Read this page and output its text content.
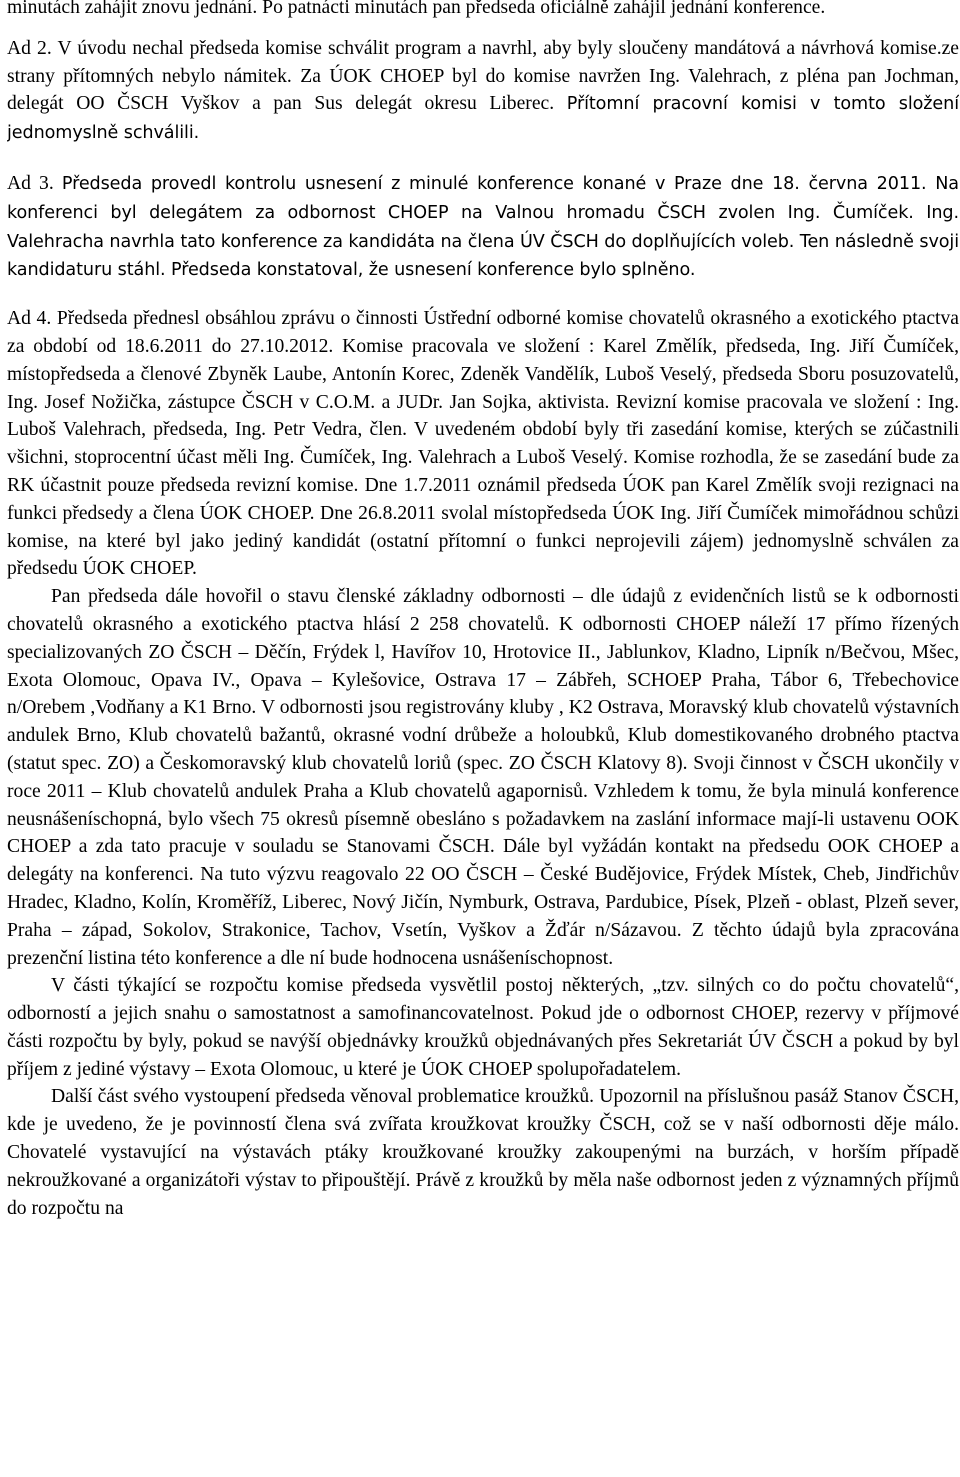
minutách zahájit znovu jednání. Po patnácti minutách pan předseda oficiálně zahájil jednání konference.

Ad 2. V úvodu nechal předseda komise schválit program a navrhl, aby byly sloučeny mandátová a návrhová komise.ze strany přítomných nebylo námitek. Za ÚOK CHOEP byl do komise navržen Ing. Valehrach, z pléna pan Jochman, delegát OO ČSCH Vyškov a pan Sus delegát okresu Liberec. Přítomní pracovní komisi v tomto složení jednomyslně schválili.

Ad 3. Předseda provedl kontrolu usnesení z minulé konference konané v Praze dne 18. června 2011. Na konferenci byl delegátem za odbornost CHOEP na Valnou hromadu ČSCH zvolen Ing. Čumíček. Ing. Valehracha navrhla tato konference za kandidáta na člena ÚV ČSCH do doplňujících voleb. Ten následně svoji kandidaturu stáhl. Předseda konstatoval, že usnesení konference bylo splněno.

Ad 4. Předseda přednesl obsáhlou zprávu o činnosti Ústřední odborné komise chovatelů okrasného a exotického ptactva za období od 18.6.2011 do 27.10.2012. Komise pracovala ve složení : Karel Změlík, předseda, Ing. Jiří Čumíček, místopředseda a členové Zbyněk Laube, Antonín Korec, Zdeněk Vandělík, Luboš Veselý, předseda Sboru posuzovatelů, Ing. Josef Nožička, zástupce ČSCH v C.O.M. a JUDr. Jan Sojka, aktivista. Revizní komise pracovala ve složení : Ing. Luboš Valehrach, předseda, Ing. Petr Vedra, člen. V uvedeném období byly tři zasedání komise, kterých se zúčastnili všichni, stoprocentní účast měli Ing. Čumíček, Ing. Valehrach a Luboš Veselý. Komise rozhodla, že se zasedání bude za RK účastnit pouze předseda revizní komise. Dne 1.7.2011 oznámil předseda ÚOK pan Karel Změlík svoji rezignaci na funkci předsedy a člena ÚOK CHOEP. Dne 26.8.2011 svolal místopředseda ÚOK Ing. Jiří Čumíček mimořádnou schůzi komise, na které byl jako jediný kandidát (ostatní přítomní o funkci neprojevili zájem) jednomyslně schválen za předsedu ÚOK CHOEP.

Pan předseda dále hovořil o stavu členské základny odbornosti – dle údajů z evidenčních listů se k odbornosti chovatelů okrasného a exotického ptactva hlásí 2 258 chovatelů. K odbornosti CHOEP náleží 17 přímo řízených specializovaných ZO ČSCH – Děčín, Frýdek l, Havířov 10, Hrotovice II., Jablunkov, Kladno, Lipník n/Bečvou, Mšec, Exota Olomouc, Opava IV., Opava – Kylešovice, Ostrava 17 – Zábřeh, SCHOEP Praha, Tábor 6, Třebechovice n/Orebem ,Vodňany a K1 Brno. V odbornosti jsou registrovány kluby , K2 Ostrava, Moravský klub chovatelů výstavních andulek Brno, Klub chovatelů bažantů, okrasné vodní drůbeže a holoubků, Klub domestikovaného drobného ptactva (statut spec. ZO) a Českomoravský klub chovatelů loriů (spec. ZO ČSCH Klatovy 8). Svoji činnost v ČSCH ukončily v roce 2011 – Klub chovatelů andulek Praha a Klub chovatelů agapornisů. Vzhledem k tomu, že byla minulá konference neusnášeníschopná, bylo všech 75 okresů písemně obesláno s požadavkem na zaslání informace mají-li ustavenu OOK CHOEP a zda tato pracuje v souladu se Stanovami ČSCH. Dále byl vyžádán kontakt na předsedu OOK CHOEP a delegáty na konferenci. Na tuto výzvu reagovalo 22 OO ČSCH – České Budějovice, Frýdek Místek, Cheb, Jindřichův Hradec, Kladno, Kolín, Kroměříž, Liberec, Nový Jičín, Nymburk, Ostrava, Pardubice, Písek, Plzeň - oblast, Plzeň sever, Praha – západ, Sokolov, Strakonice, Tachov, Vsetín, Vyškov a Žďár n/Sázavou. Z těchto údajů byla zpracována prezenční listina této konference a dle ní bude hodnocena usnášeníschopnost.

V části týkající se rozpočtu komise předseda vysvětlil postoj některých, „tzv. silných co do počtu chovatelů“, odborností a jejich snahu o samostatnost a samofinancovatelnost. Pokud jde o odbornost CHOEP, rezervy v příjmové části rozpočtu by byly, pokud se navýší objednávky kroužků objednávaných přes Sekretariát ÚV ČSCH a pokud by byl příjem z jediné výstavy – Exota Olomouc, u které je ÚOK CHOEP spolupořadatelem.

Další část svého vystoupení předseda věnoval problematice kroužků. Upozornil na příslušnou pasáž Stanov ČSCH, kde je uvedeno, že je povinností člena svá zvířata kroužkovat kroužky ČSCH, což se v naší odbornosti děje málo. Chovatelé vystavující na výstavách ptáky kroužkované kroužky zakoupenými na burzách, v horším případě nekroužkované a organizátoři výstav to připouštějí. Právě z kroužků by měla naše odbornost jeden z významných příjmů do rozpočtu na
